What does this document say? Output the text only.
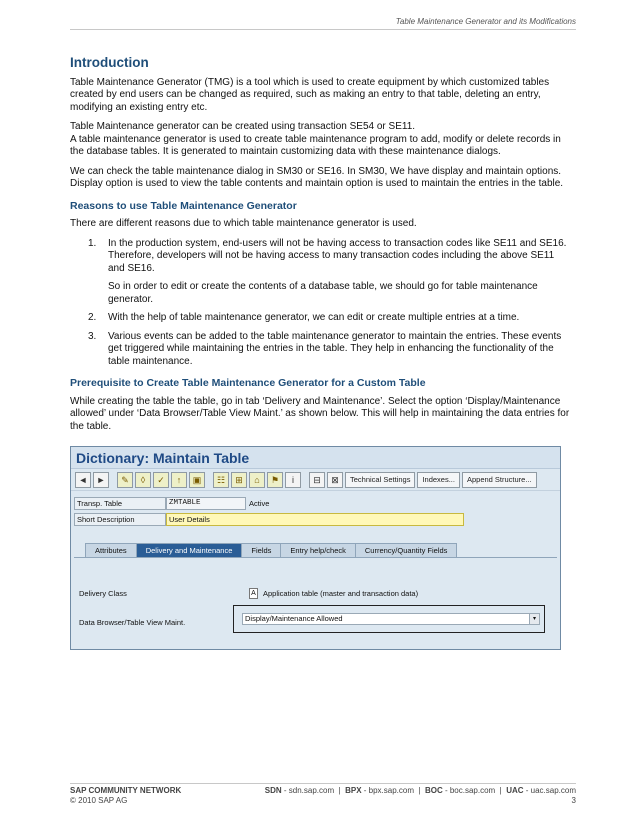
Table Maintenance Generator and its Modifications
Introduction

Table Maintenance Generator (TMG) is a tool which is used to create equipment by which customized tables created by end users can be changed as required, such as making an entry to that table, deleting an entry, modifying an existing entry etc.

Table Maintenance generator can be created using transaction SE54 or SE11.
A table maintenance generator is used to create table maintenance program to add, modify or delete records in the database tables. It is generated to maintain customizing data with these maintenance dialogs.

We can check the table maintenance dialog in SM30 or SE16. In SM30, We have display and maintain options. Display option is used to view the table contents and maintain option is used to maintain the entries in the table.

Reasons to use Table Maintenance Generator

There are different reasons due to which table maintenance generator is used.

1. In the production system, end-users will not be having access to transaction codes like SE11 and SE16. Therefore, developers will not be having access to many transaction codes including the above SE11 and SE16.

So in order to edit or create the contents of a database table, we should go for table maintenance generator.

2. With the help of table maintenance generator, we can edit or create multiple entries at a time.

3. Various events can be added to the table maintenance generator to maintain the entries. These events get triggered while maintaining the entries in the table. They help in enhancing the functionality of the table maintenance.

Prerequisite to Create Table Maintenance Generator for a Custom Table

While creating the table the table, go in tab ‘Delivery and Maintenance’. Select the option ‘Display/Maintenance allowed’ under ‘Data Browser/Table View Maint.’ as shown below. This will help in maintaining the data entries for the table.

Dictionary: Maintain Table
◄	►	✎	◊	✓	↑	▣	☷	⊞	⌂	⚑	i	⊟	⊠	Technical Settings	Indexes...	Append Structure...
Transp. Table	ZMTABLE	Active
Short Description	User Details
Attributes	Delivery and Maintenance	Fields	Entry help/check	Currency/Quantity Fields
Delivery Class	A Application table (master and transaction data)
Data Browser/Table View Maint.	Display/Maintenance Allowed	▾
SAP COMMUNITY NETWORK
© 2010 SAP AG
SDN - sdn.sap.com  |  BPX - bpx.sap.com  |  BOC - boc.sap.com  |  UAC - uac.sap.com
3
